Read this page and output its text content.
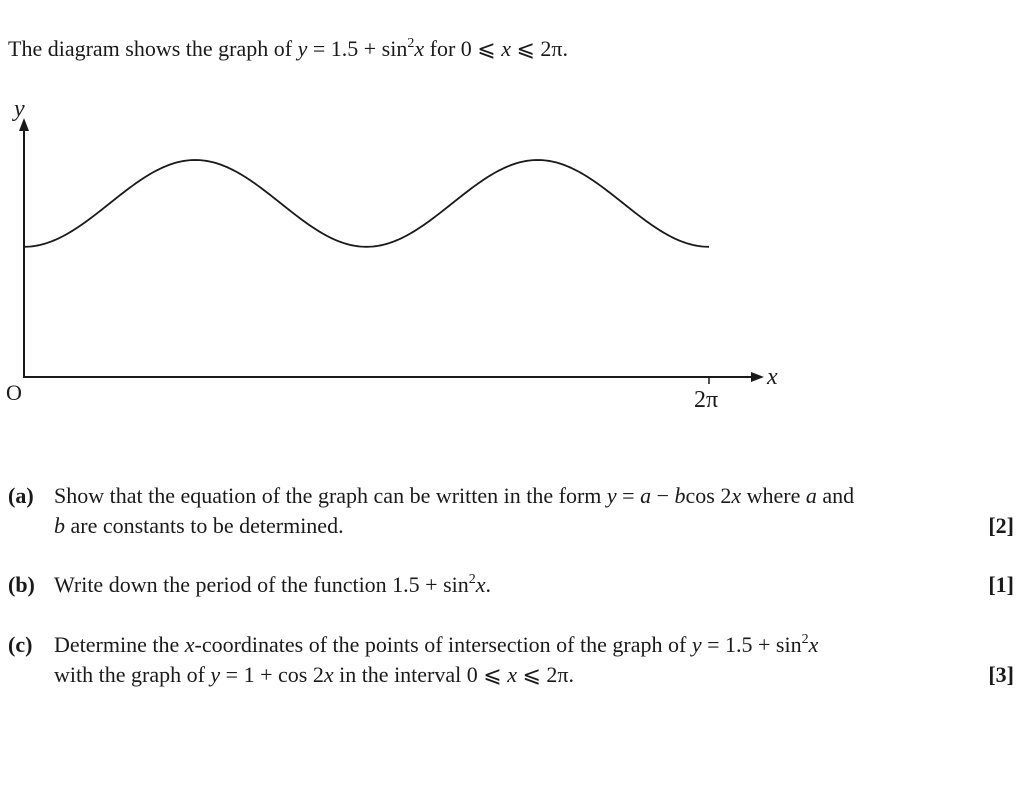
The diagram shows the graph of $y = 1.5 + \sin^2x$ for 0 ⩽ x ⩽ 2π.
y
x
O	2π
(a) Show that the equation of the graph can be written in the form y = a − bcos 2x where a and
b are constants to be determined.	[2]
(b) Write down the period of the function $1.5 + \sin^2x$.	[1]
(c) Determine the x-coordinates of the points of intersection of the graph of $y = 1.5 + \sin^2x$
with the graph of y = 1 + cos 2x in the interval 0 ⩽ x ⩽ 2π.	[3]
